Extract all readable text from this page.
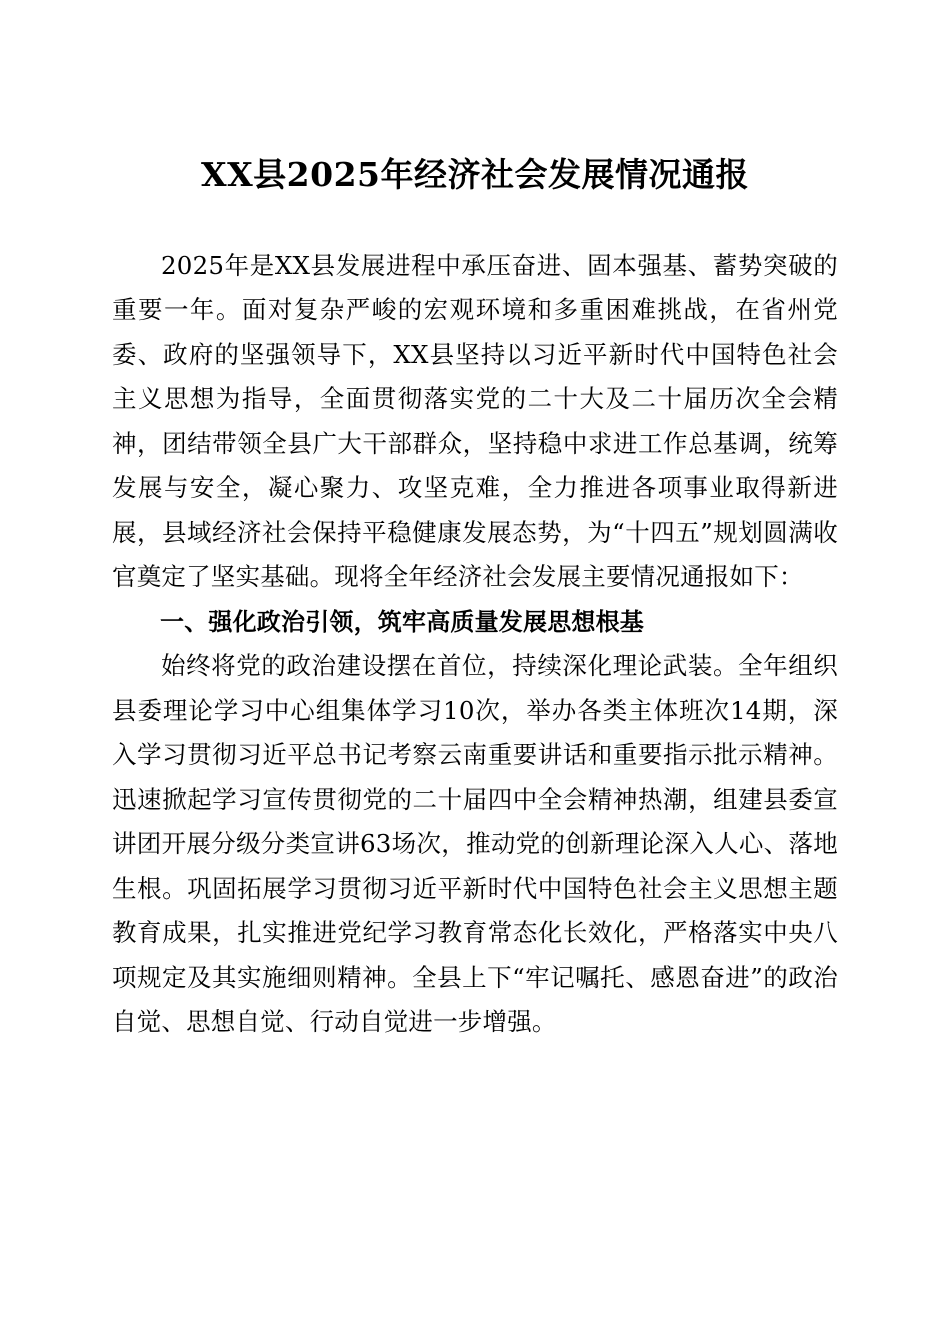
XX县2025年经济社会发展情况通报

2025年是XX县发展进程中承压奋进、固本强基、蓄势突破的重要一年。面对复杂严峻的宏观环境和多重困难挑战，在省州党委、政府的坚强领导下，XX县坚持以习近平新时代中国特色社会主义思想为指导，全面贯彻落实党的二十大及二十届历次全会精神，团结带领全县广大干部群众，坚持稳中求进工作总基调，统筹发展与安全，凝心聚力、攻坚克难，全力推进各项事业取得新进展，县域经济社会保持平稳健康发展态势，为“十四五”规划圆满收官奠定了坚实基础。现将全年经济社会发展主要情况通报如下：

一、强化政治引领，筑牢高质量发展思想根基

始终将党的政治建设摆在首位，持续深化理论武装。全年组织县委理论学习中心组集体学习10次，举办各类主体班次14期，深入学习贯彻习近平总书记考察云南重要讲话和重要指示批示精神。迅速掀起学习宣传贯彻党的二十届四中全会精神热潮，组建县委宣讲团开展分级分类宣讲63场次，推动党的创新理论深入人心、落地生根。巩固拓展学习贯彻习近平新时代中国特色社会主义思想主题教育成果，扎实推进党纪学习教育常态化长效化，严格落实中央八项规定及其实施细则精神。全县上下“牢记嘱托、感恩奋进”的政治自觉、思想自觉、行动自觉进一步增强。
